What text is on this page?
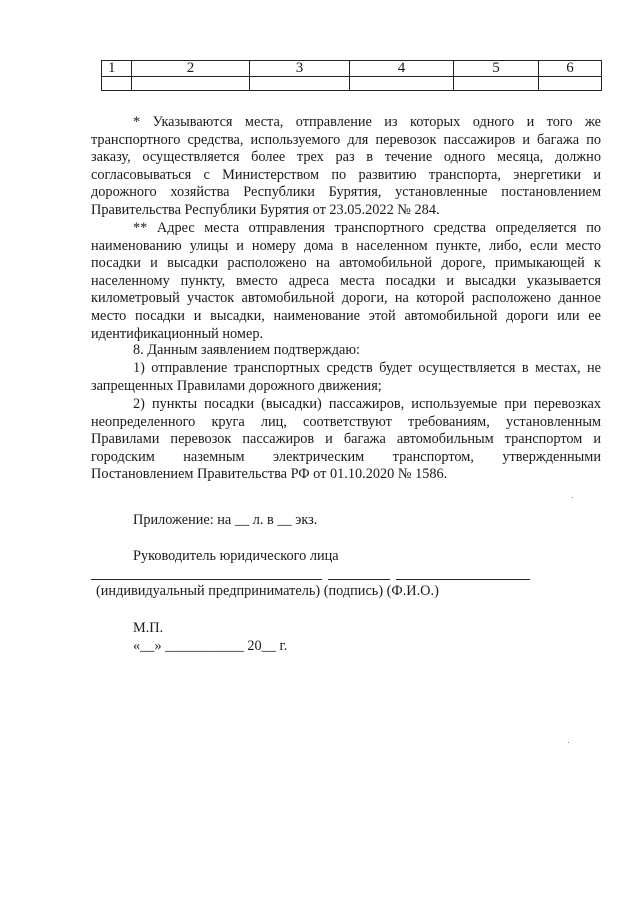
1	2	3	4	5	6

* Указываются места, отправление из которых одного и того же транспортного средства, используемого для перевозок пассажиров и багажа по заказу, осуществляется более трех раз в течение одного месяца, должно согласовываться с Министерством по развитию транспорта, энергетики и дорожного хозяйства Республики Бурятия, установленные постановлением Правительства Республики Бурятия от 23.05.2022 № 284.

** Адрес места отправления транспортного средства определяется по наименованию улицы и номеру дома в населенном пункте, либо, если место посадки и высадки расположено на автомобильной дороге, примыкающей к населенному пункту, вместо адреса места посадки и высадки указывается километровый участок автомобильной дороги, на которой расположено данное место посадки и высадки, наименование этой автомобильной дороги или ее идентификационный номер.

8. Данным заявлением подтверждаю:

1) отправление транспортных средств будет осуществляется в местах, не запрещенных Правилами дорожного движения;

2) пункты посадки (высадки) пассажиров, используемые при перевозках неопределенного круга лиц, соответствуют требованиям, установленным Правилами перевозок пассажиров и багажа автомобильным транспортом и городским наземным электрическим транспортом, утвержденными Постановлением Правительства РФ от 01.10.2020 № 1586.

Приложение: на __ л. в __ экз.
Руководитель юридического лица
(индивидуальный предприниматель) (подпись) (Ф.И.О.)
М.П.
«__» ___________ 20__ г.
